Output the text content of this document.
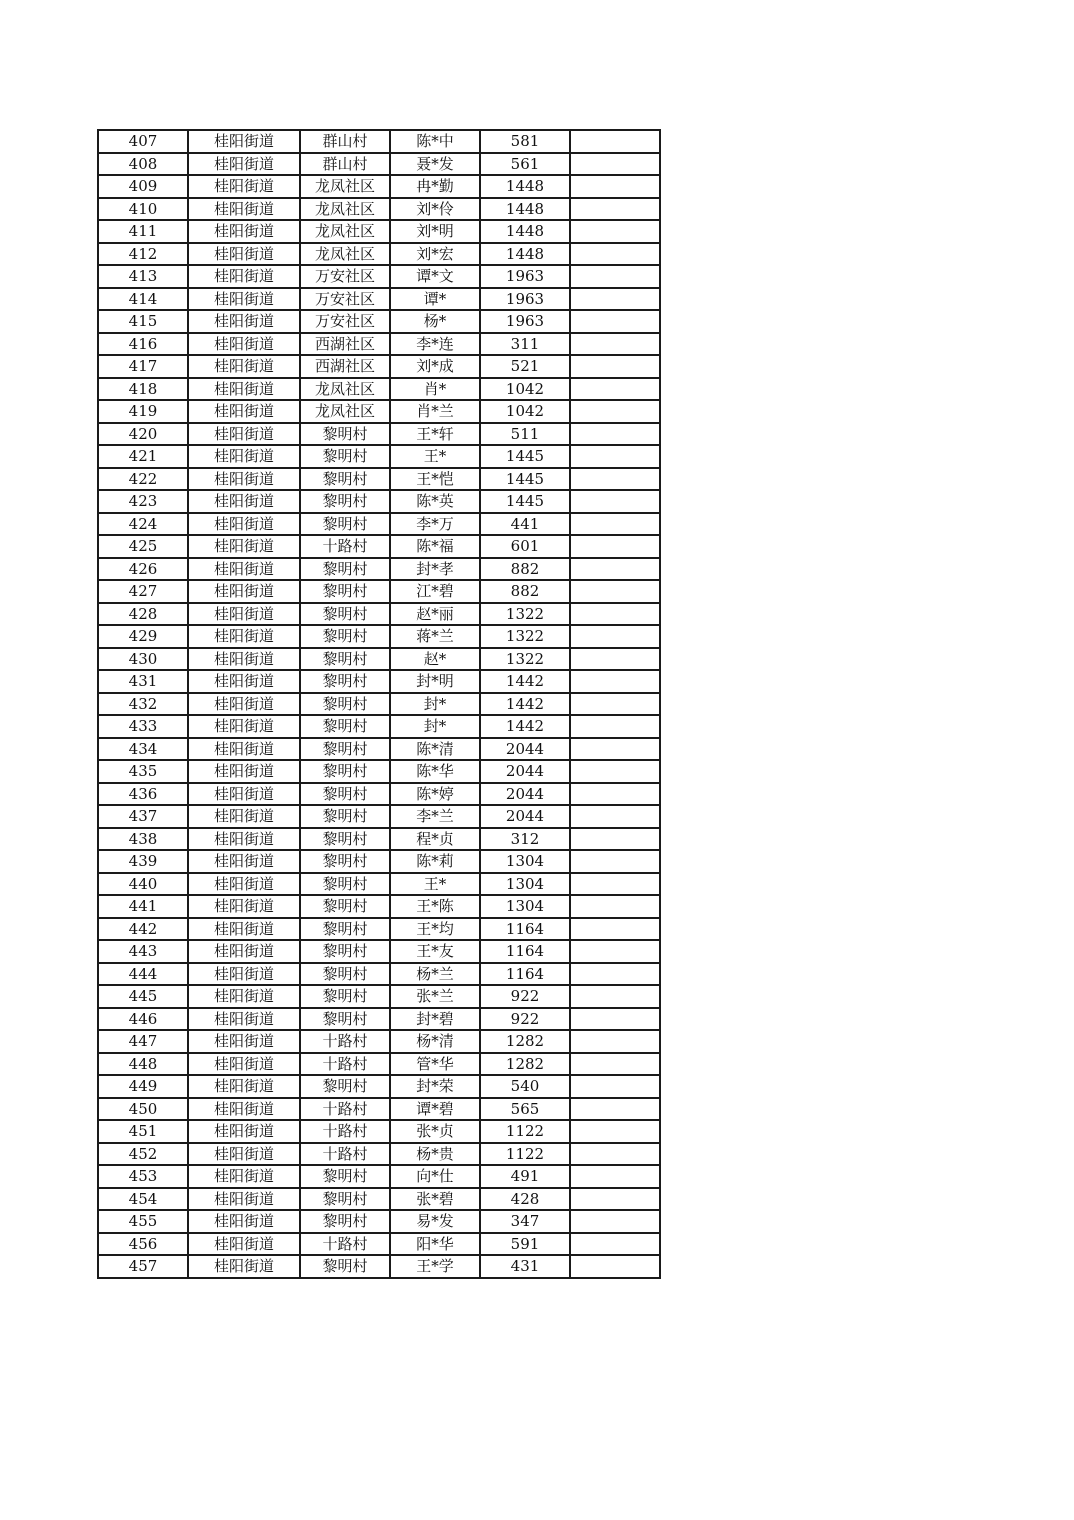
407	桂阳街道	群山村	陈*中	581	
408	桂阳街道	群山村	聂*发	561	
409	桂阳街道	龙凤社区	冉*勤	1448	
410	桂阳街道	龙凤社区	刘*伶	1448	
411	桂阳街道	龙凤社区	刘*明	1448	
412	桂阳街道	龙凤社区	刘*宏	1448	
413	桂阳街道	万安社区	谭*文	1963	
414	桂阳街道	万安社区	谭*	1963	
415	桂阳街道	万安社区	杨*	1963	
416	桂阳街道	西湖社区	李*连	311	
417	桂阳街道	西湖社区	刘*成	521	
418	桂阳街道	龙凤社区	肖*	1042	
419	桂阳街道	龙凤社区	肖*兰	1042	
420	桂阳街道	黎明村	王*轩	511	
421	桂阳街道	黎明村	王*	1445	
422	桂阳街道	黎明村	王*恺	1445	
423	桂阳街道	黎明村	陈*英	1445	
424	桂阳街道	黎明村	李*万	441	
425	桂阳街道	十路村	陈*福	601	
426	桂阳街道	黎明村	封*孝	882	
427	桂阳街道	黎明村	江*碧	882	
428	桂阳街道	黎明村	赵*丽	1322	
429	桂阳街道	黎明村	蒋*兰	1322	
430	桂阳街道	黎明村	赵*	1322	
431	桂阳街道	黎明村	封*明	1442	
432	桂阳街道	黎明村	封*	1442	
433	桂阳街道	黎明村	封*	1442	
434	桂阳街道	黎明村	陈*清	2044	
435	桂阳街道	黎明村	陈*华	2044	
436	桂阳街道	黎明村	陈*婷	2044	
437	桂阳街道	黎明村	李*兰	2044	
438	桂阳街道	黎明村	程*贞	312	
439	桂阳街道	黎明村	陈*莉	1304	
440	桂阳街道	黎明村	王*	1304	
441	桂阳街道	黎明村	王*陈	1304	
442	桂阳街道	黎明村	王*均	1164	
443	桂阳街道	黎明村	王*友	1164	
444	桂阳街道	黎明村	杨*兰	1164	
445	桂阳街道	黎明村	张*兰	922	
446	桂阳街道	黎明村	封*碧	922	
447	桂阳街道	十路村	杨*清	1282	
448	桂阳街道	十路村	管*华	1282	
449	桂阳街道	黎明村	封*荣	540	
450	桂阳街道	十路村	谭*碧	565	
451	桂阳街道	十路村	张*贞	1122	
452	桂阳街道	十路村	杨*贵	1122	
453	桂阳街道	黎明村	向*仕	491	
454	桂阳街道	黎明村	张*碧	428	
455	桂阳街道	黎明村	易*发	347	
456	桂阳街道	十路村	阳*华	591	
457	桂阳街道	黎明村	王*学	431	
